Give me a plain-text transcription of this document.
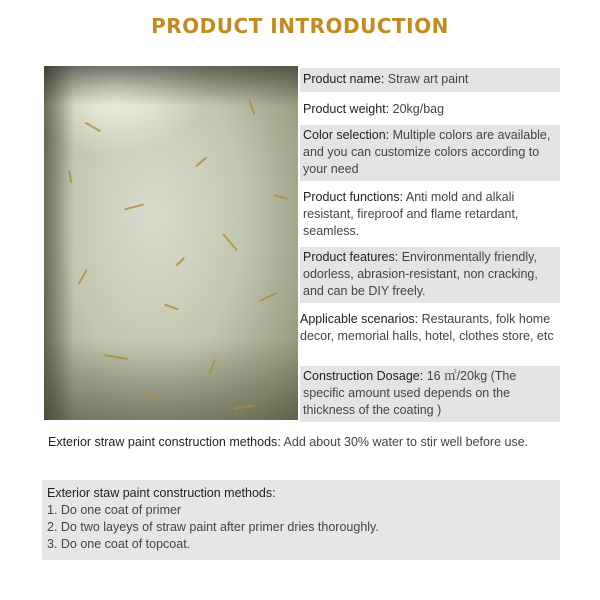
PRODUCT INTRODUCTION
Product name: Straw art paint
Product weight: 20kg/bag
Color selection: Multiple colors are available, and you can customize colors according to your need
Product functions: Anti mold and alkali resistant, fireproof and flame retardant, seamless.
Product features: Environmentally friendly, odorless, abrasion-resistant, non cracking, and can be DIY freely.
Applicable scenarios: Restaurants, folk home decor, memorial halls, hotel, clothes store, etc
Construction Dosage: 16 ㎡/20kg (The specific amount used depends on the thickness of the coating )
Exterior straw paint construction methods: Add about 30% water to stir well before use.
Exterior staw paint construction methods:
1. Do one coat of primer
2. Do two layeys of straw paint after primer dries thoroughly.
3. Do one coat of topcoat.
